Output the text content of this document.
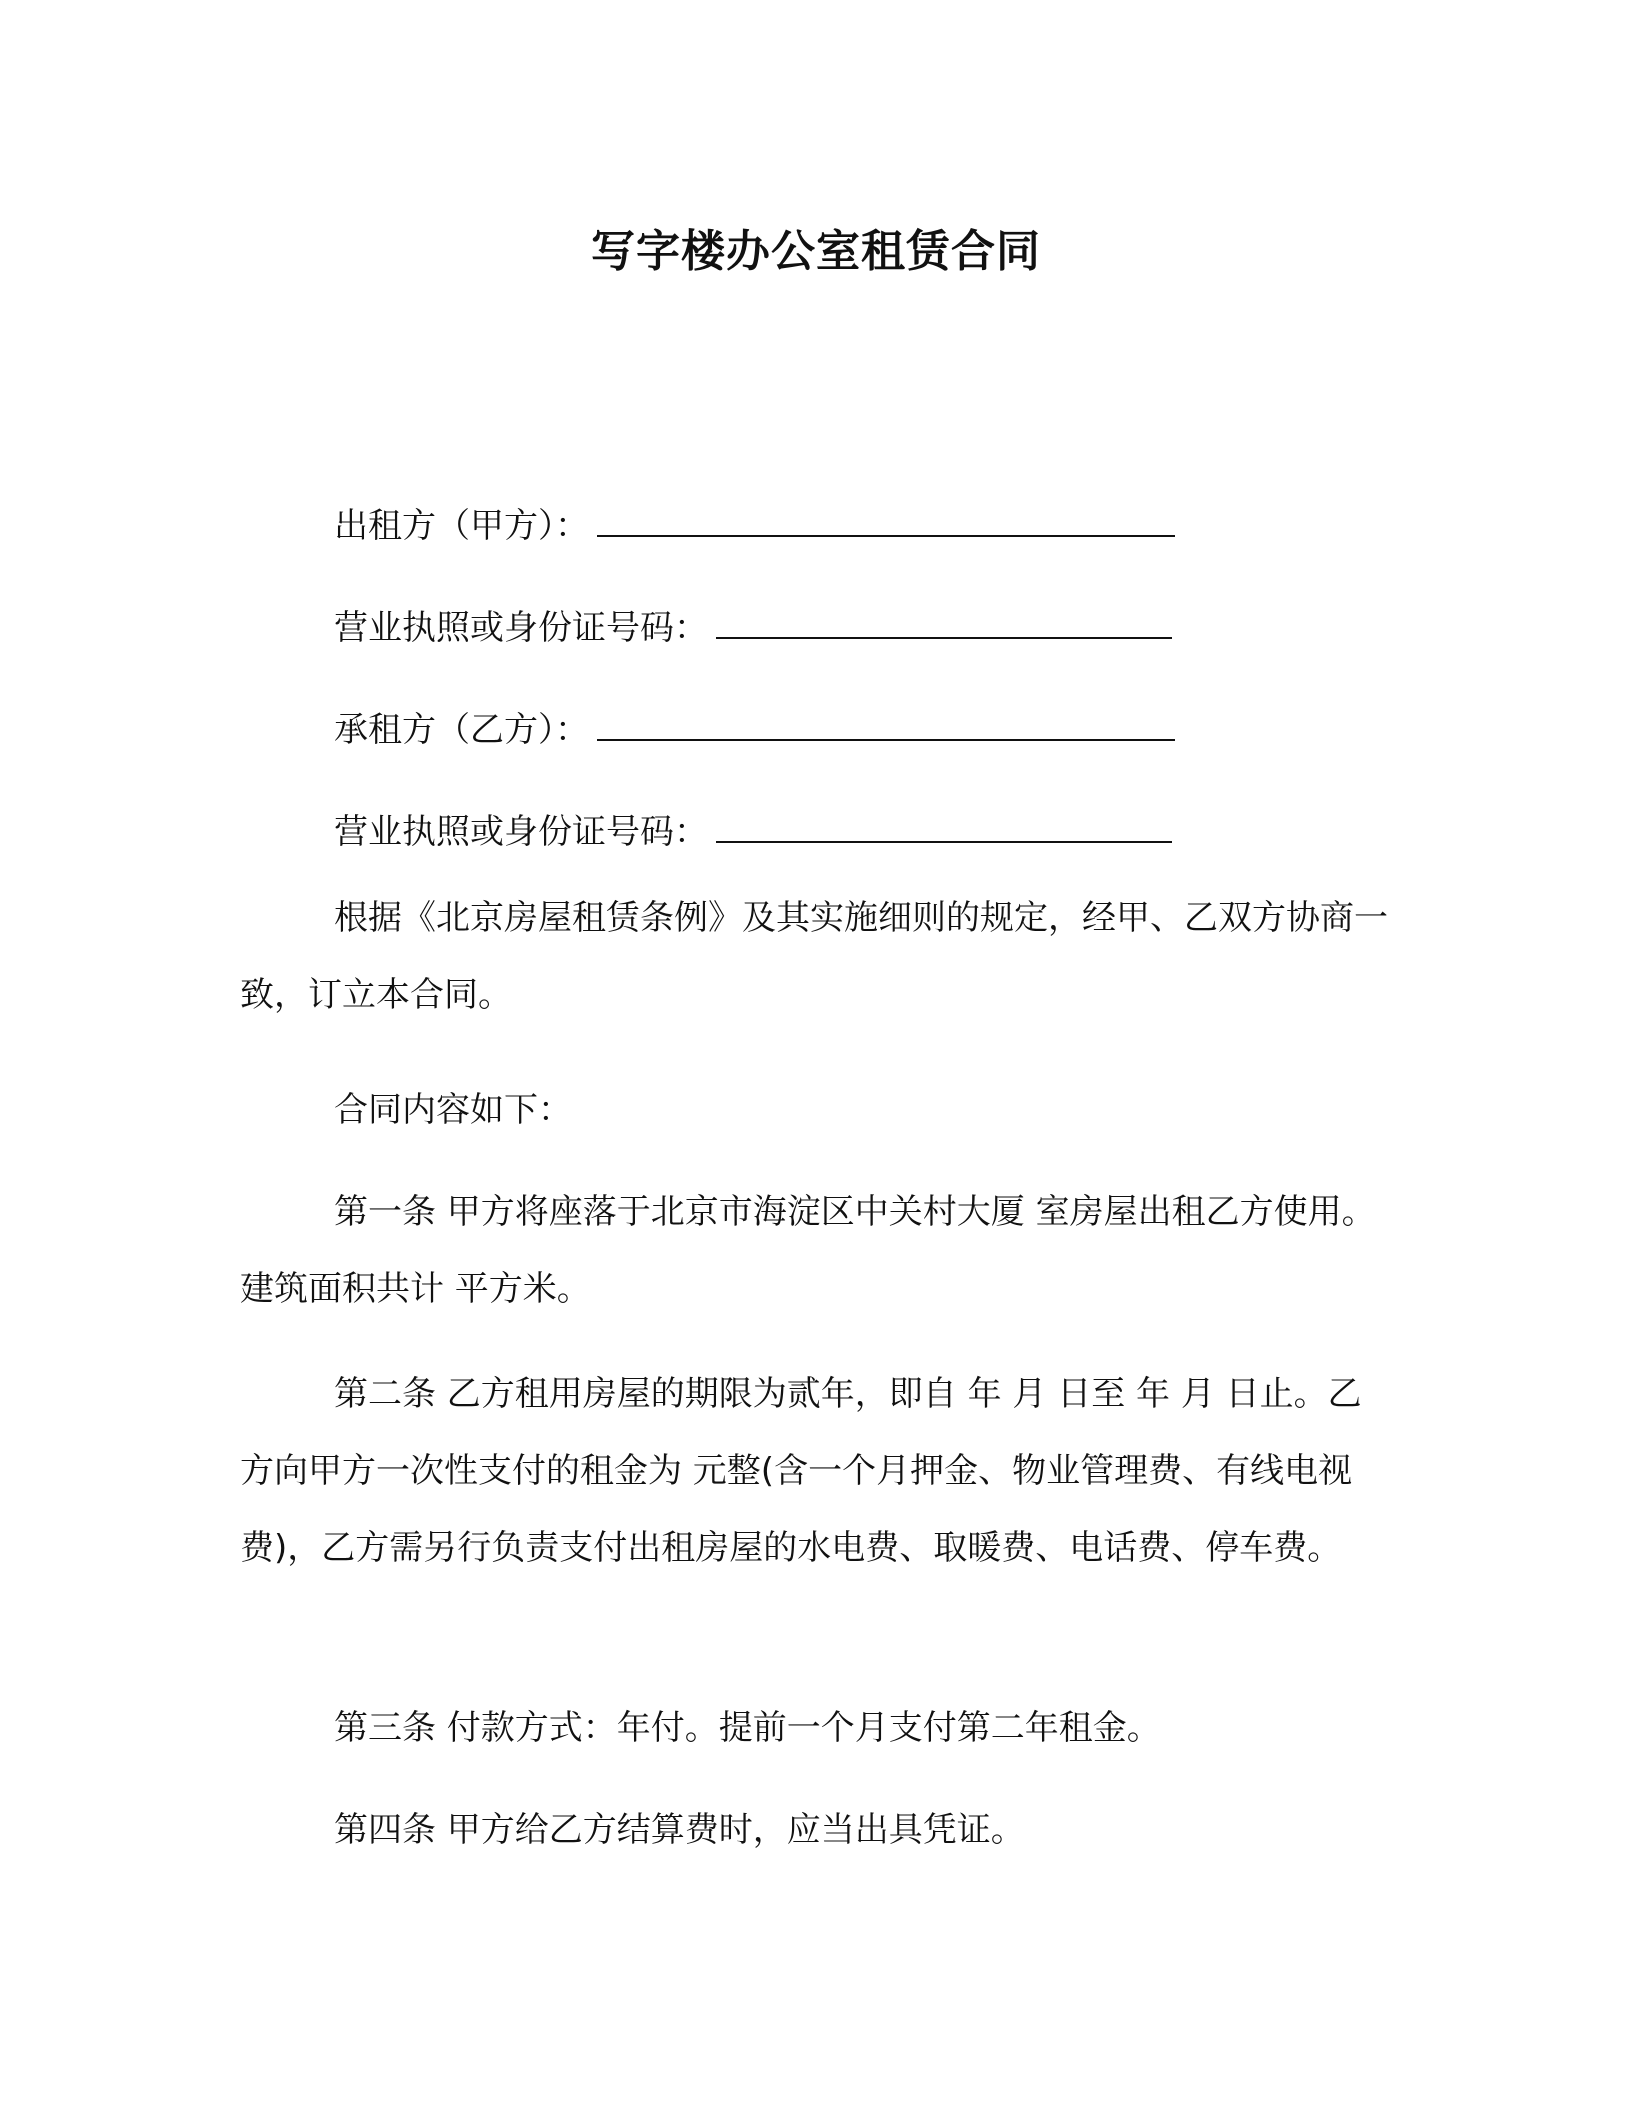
写字楼办公室租赁合同
出租方（甲方）：
营业执照或身份证号码：
承租方（乙方）：
营业执照或身份证号码：

根据《北京房屋租赁条例》及其实施细则的规定，经甲、乙双方协商一致，订立本合同。

合同内容如下：

第一条 甲方将座落于北京市海淀区中关村大厦 室房屋出租乙方使用。建筑面积共计 平方米。

第二条 乙方租用房屋的期限为贰年，即自 年 月 日至 年 月 日止。乙方向甲方一次性支付的租金为 元整(含一个月押金、物业管理费、有线电视费)，乙方需另行负责支付出租房屋的水电费、取暖费、电话费、停车费。

第三条 付款方式：年付。提前一个月支付第二年租金。

第四条 甲方给乙方结算费时，应当出具凭证。
